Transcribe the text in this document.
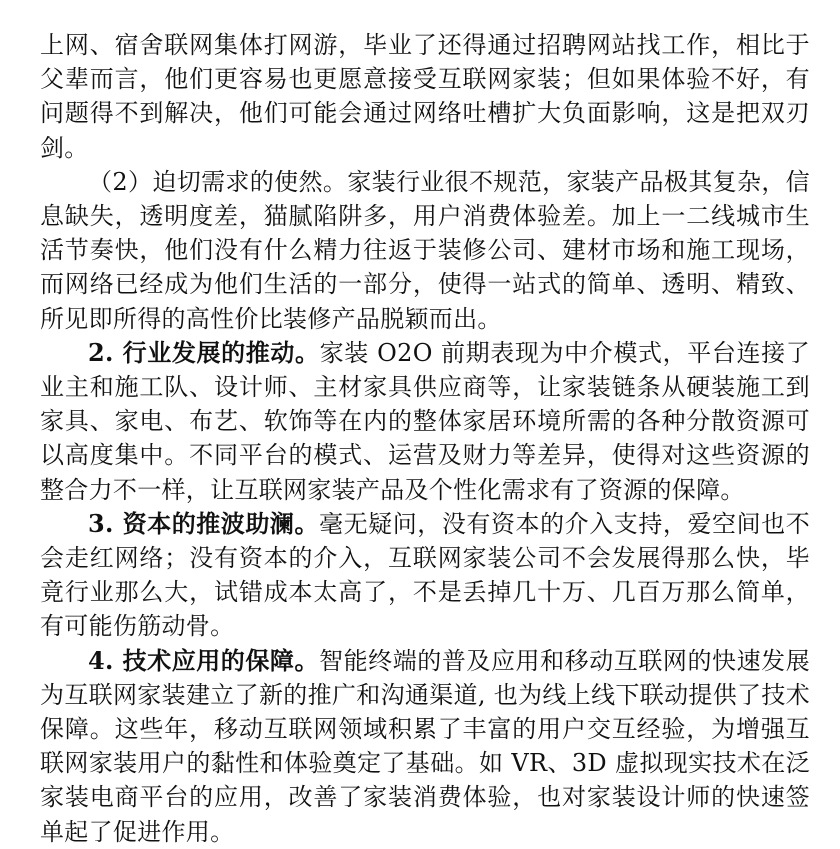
上网、宿舍联网集体打网游，毕业了还得通过招聘网站找工作，相比于父辈而言，他们更容易也更愿意接受互联网家装；但如果体验不好，有问题得不到解决，他们可能会通过网络吐槽扩大负面影响，这是把双刃剑。

（2）迫切需求的使然。家装行业很不规范，家装产品极其复杂，信息缺失，透明度差，猫腻陷阱多，用户消费体验差。加上一二线城市生活节奏快，他们没有什么精力往返于装修公司、建材市场和施工现场，而网络已经成为他们生活的一部分，使得一站式的简单、透明、精致、所见即所得的高性价比装修产品脱颖而出。

2. 行业发展的推动。家装 O2O 前期表现为中介模式，平台连接了业主和施工队、设计师、主材家具供应商等，让家装链条从硬装施工到家具、家电、布艺、软饰等在内的整体家居环境所需的各种分散资源可以高度集中。不同平台的模式、运营及财力等差异，使得对这些资源的整合力不一样，让互联网家装产品及个性化需求有了资源的保障。

3. 资本的推波助澜。毫无疑问，没有资本的介入支持，爱空间也不会走红网络；没有资本的介入，互联网家装公司不会发展得那么快，毕竟行业那么大，试错成本太高了，不是丢掉几十万、几百万那么简单，有可能伤筋动骨。

4. 技术应用的保障。智能终端的普及应用和移动互联网的快速发展为互联网家装建立了新的推广和沟通渠道, 也为线上线下联动提供了技术保障。这些年，移动互联网领域积累了丰富的用户交互经验，为增强互联网家装用户的黏性和体验奠定了基础。如 VR、3D 虚拟现实技术在泛家装电商平台的应用，改善了家装消费体验，也对家装设计师的快速签单起了促进作用。
